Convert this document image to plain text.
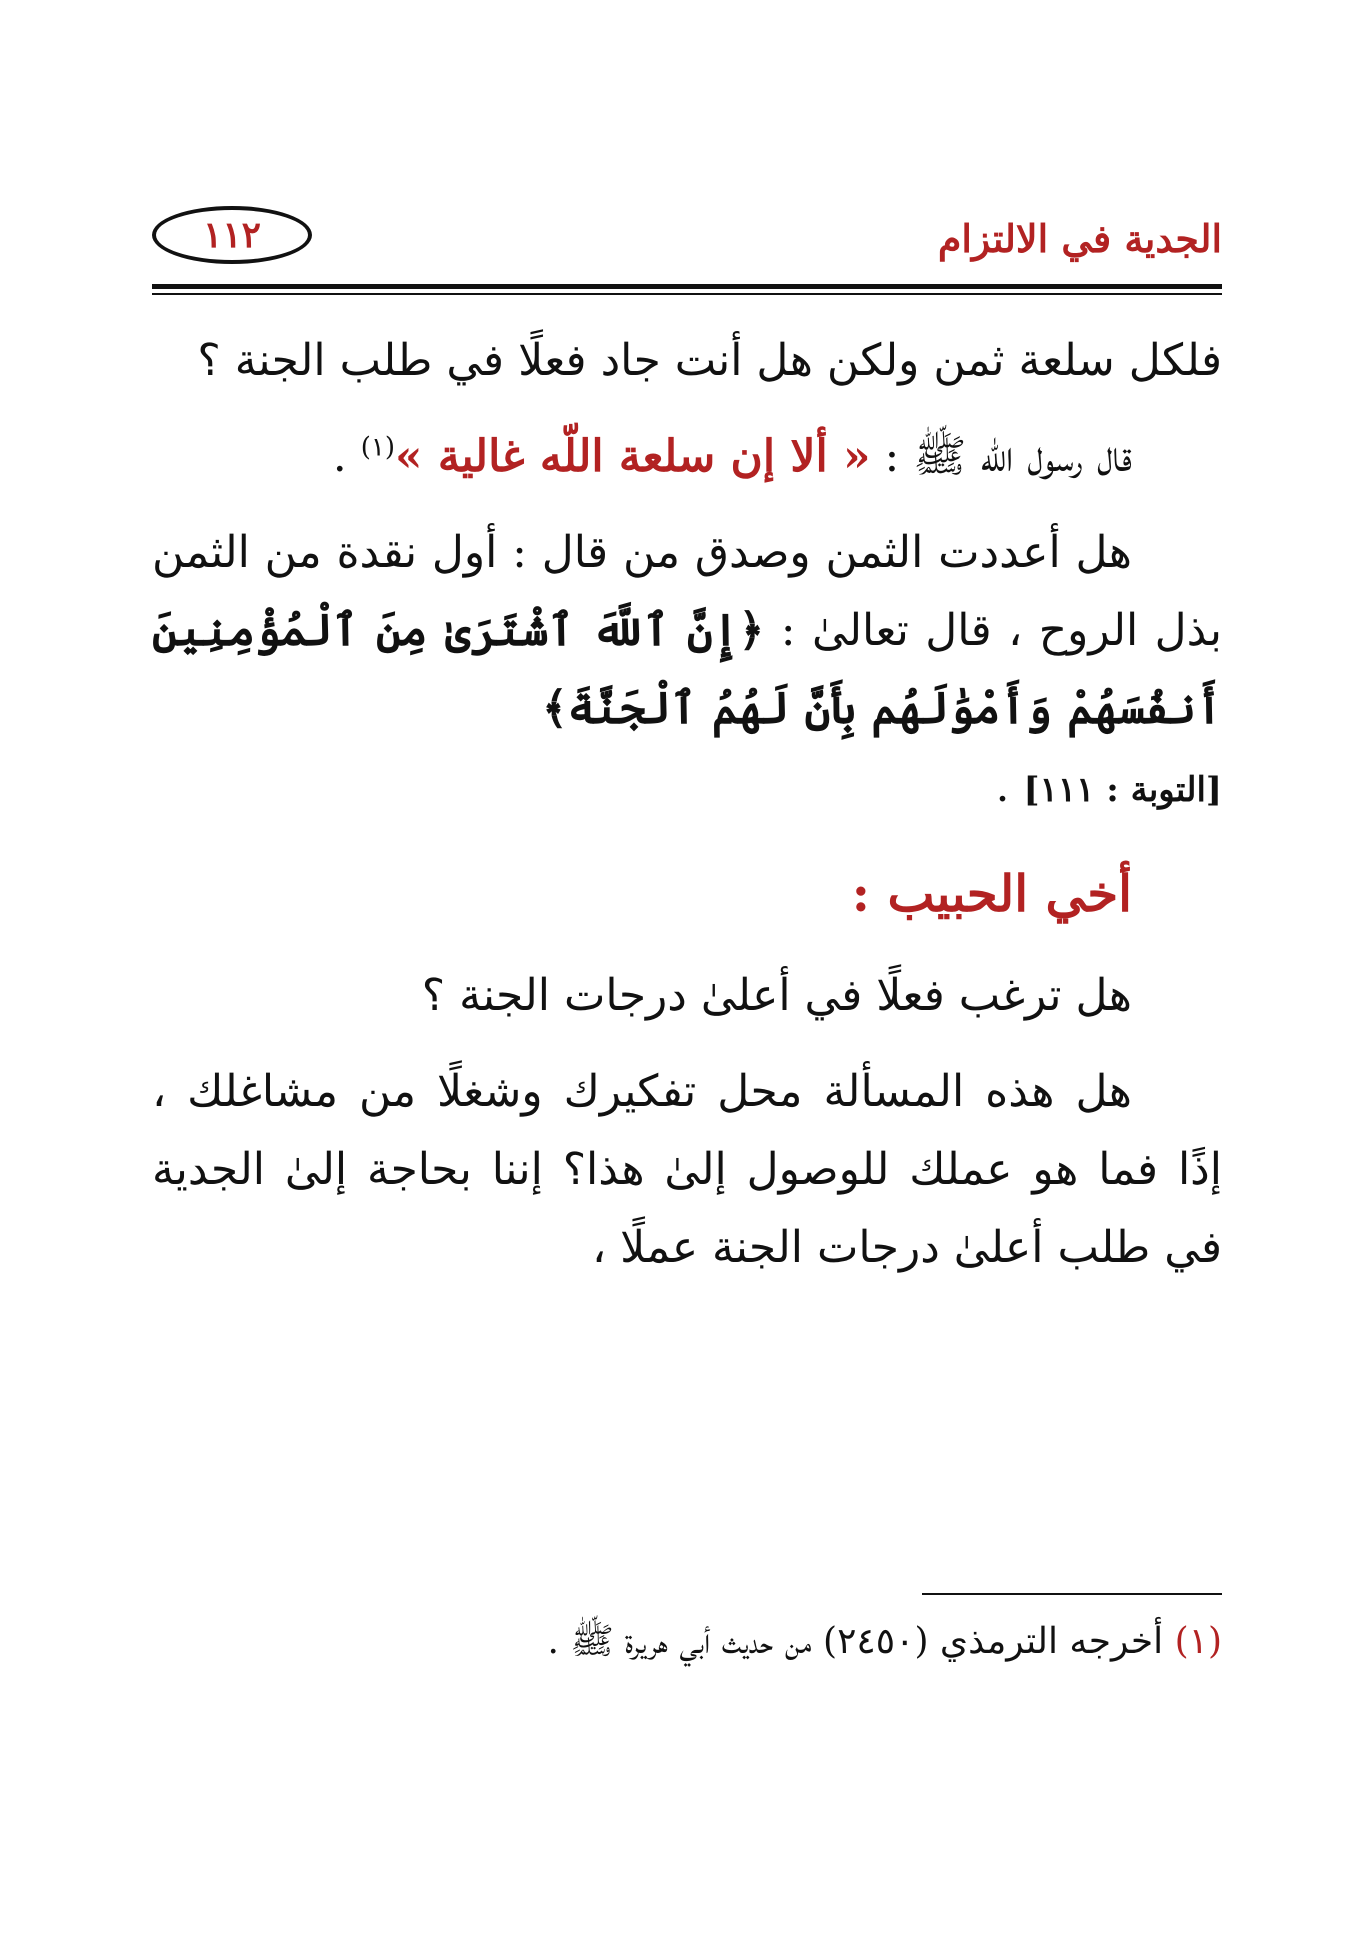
١١٢	الجدية في الالتزام

فلكل سلعة ثمن ولكن هل أنت جاد فعلًا في طلب الجنة ؟

قال رسول اللّه ﷺ : « ألا إن سلعة اللّه غالية »$^{(١)}$ .

هل أعددت الثمن وصدق من قال : أول نقدة من الثمن بذل الروح ، قال تعالىٰ : ﴿إِنَّ ٱللَّهَ ٱشْتَرَىٰ مِنَ ٱلْمُؤْمِنِينَ أَنفُسَهُمْ وَأَمْوَٰلَهُم بِأَنَّ لَهُمُ ٱلْجَنَّةَ﴾
[التوبة : ١١١] .

أخي الحبيب :

هل ترغب فعلًا في أعلىٰ درجات الجنة ؟

هل هذه المسألة محل تفكيرك وشغلًا من مشاغلك ، إذًا فما هو عملك للوصول إلىٰ هذا؟ إننا بحاجة إلىٰ الجدية في طلب أعلىٰ درجات الجنة عملًا ،

(١) أخرجه الترمذي (٢٤٥٠) من حديث أبي هريرة ﷺ .
